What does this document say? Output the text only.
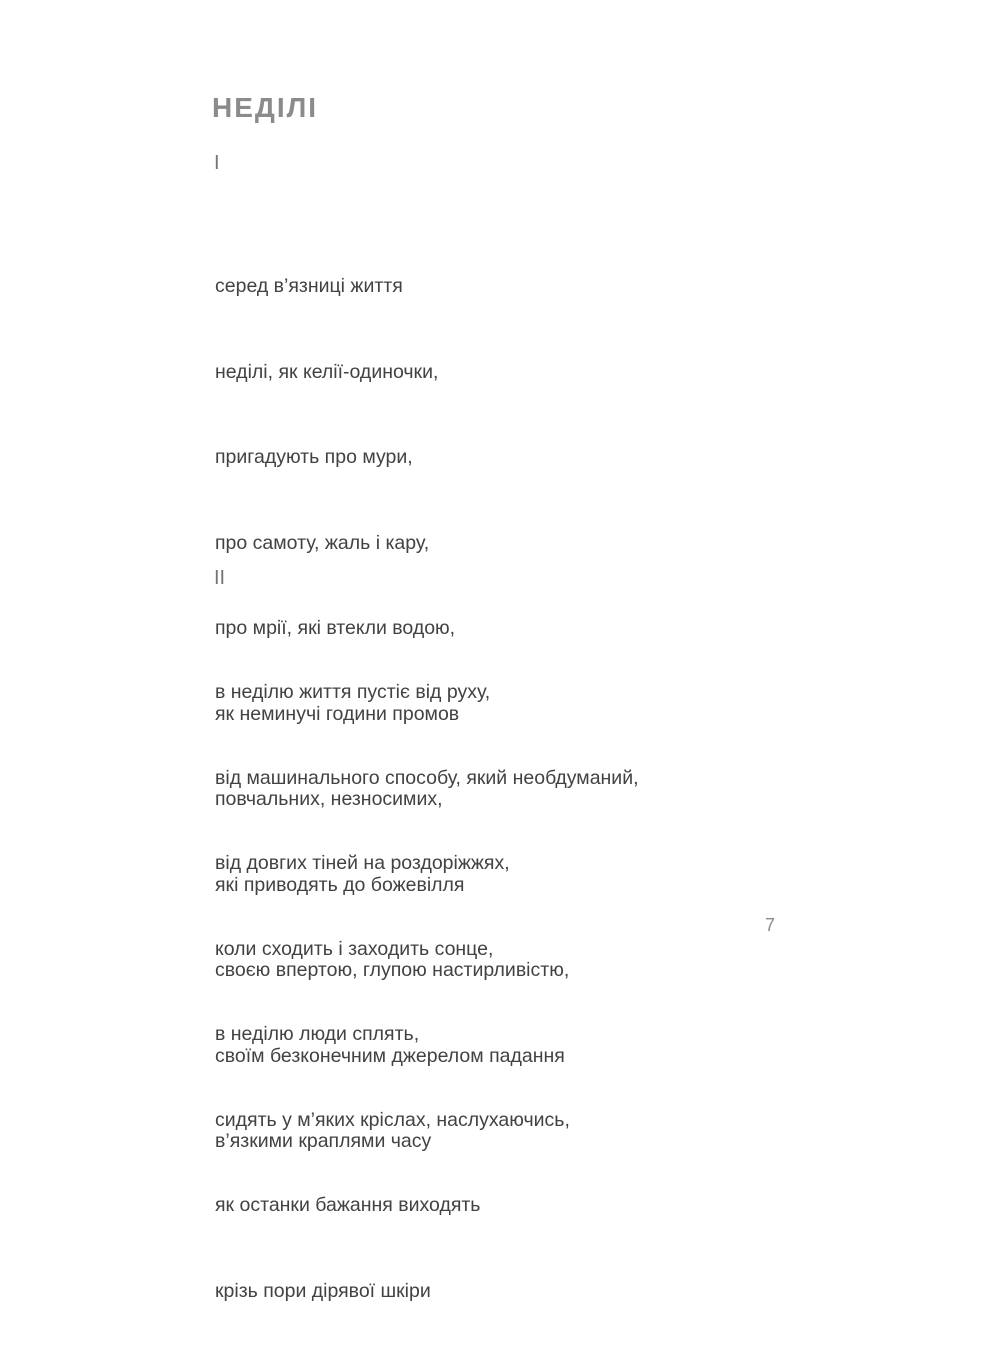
НЕДІЛІ
I

серед в’язниці життя

неділі, як келії-одиночки,

пригадують про мури,

про самоту, жаль і кару,

про мрії, які втекли водою,

як неминучі години промов

повчальних, незносимих,

які приводять до божевілля

своєю впертою, глупою настирливістю,

своїм безконечним джерелом падання

в’язкими краплями часу

II

в неділю життя пустіє від руху,

від машинального способу, який необдуманий,

від довгих тіней на роздоріжжях,

коли сходить і заходить сонце,

в неділю люди сплять,

сидять у м’яких кріслах, наслухаючись,

як останки бажання виходять

крізь пори дірявої шкіри

7
